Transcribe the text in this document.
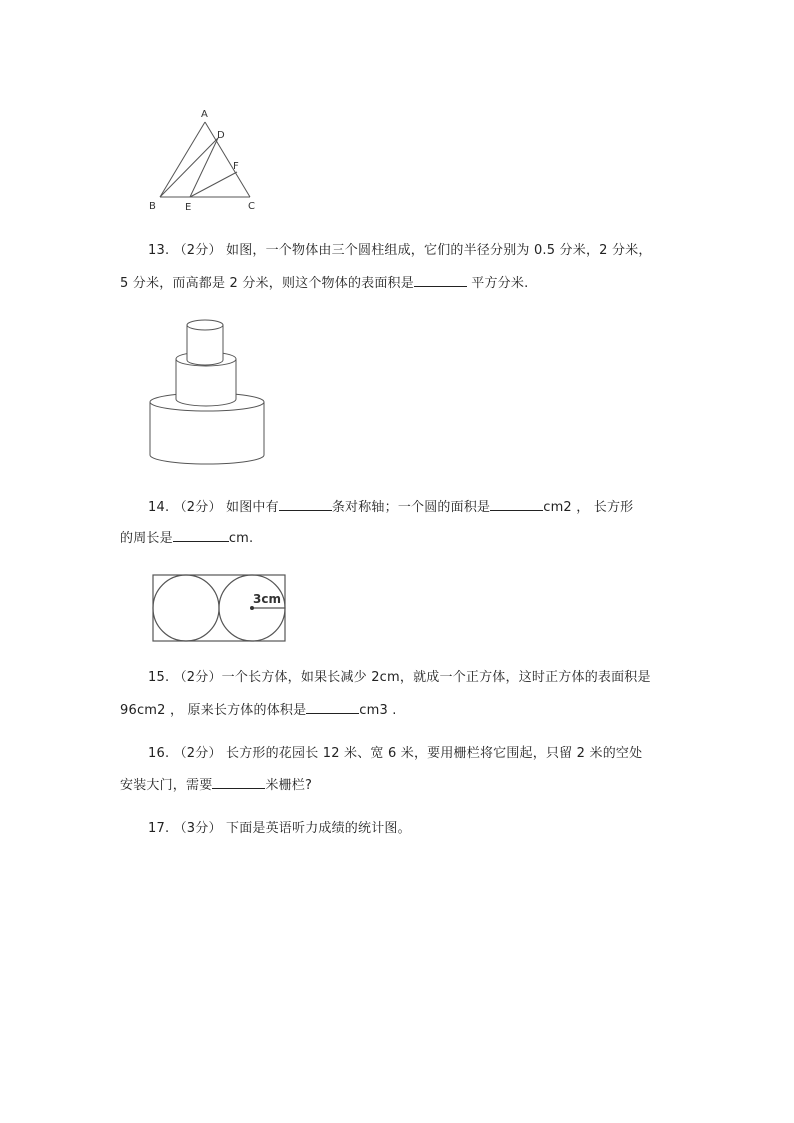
A
D
F
B	E	C
13. （2分） 如图，一个物体由三个圆柱组成，它们的半径分别为 0.5 分米，2 分米，
5 分米，而高都是 2 分米，则这个物体的表面积是	平方分米.
14. （2分） 如图中有	条对称轴；一个圆的面积是	cm2 ， 长方形
的周长是	cm.
3cm
15. （2分）一个长方体，如果长减少 2cm，就成一个正方体，这时正方体的表面积是
96cm2 ， 原来长方体的体积是	cm3 .
16. （2分） 长方形的花园长 12 米、宽 6 米，要用栅栏将它围起，只留 2 米的空处
安装大门，需要	米栅栏?
17. （3分） 下面是英语听力成绩的统计图。
